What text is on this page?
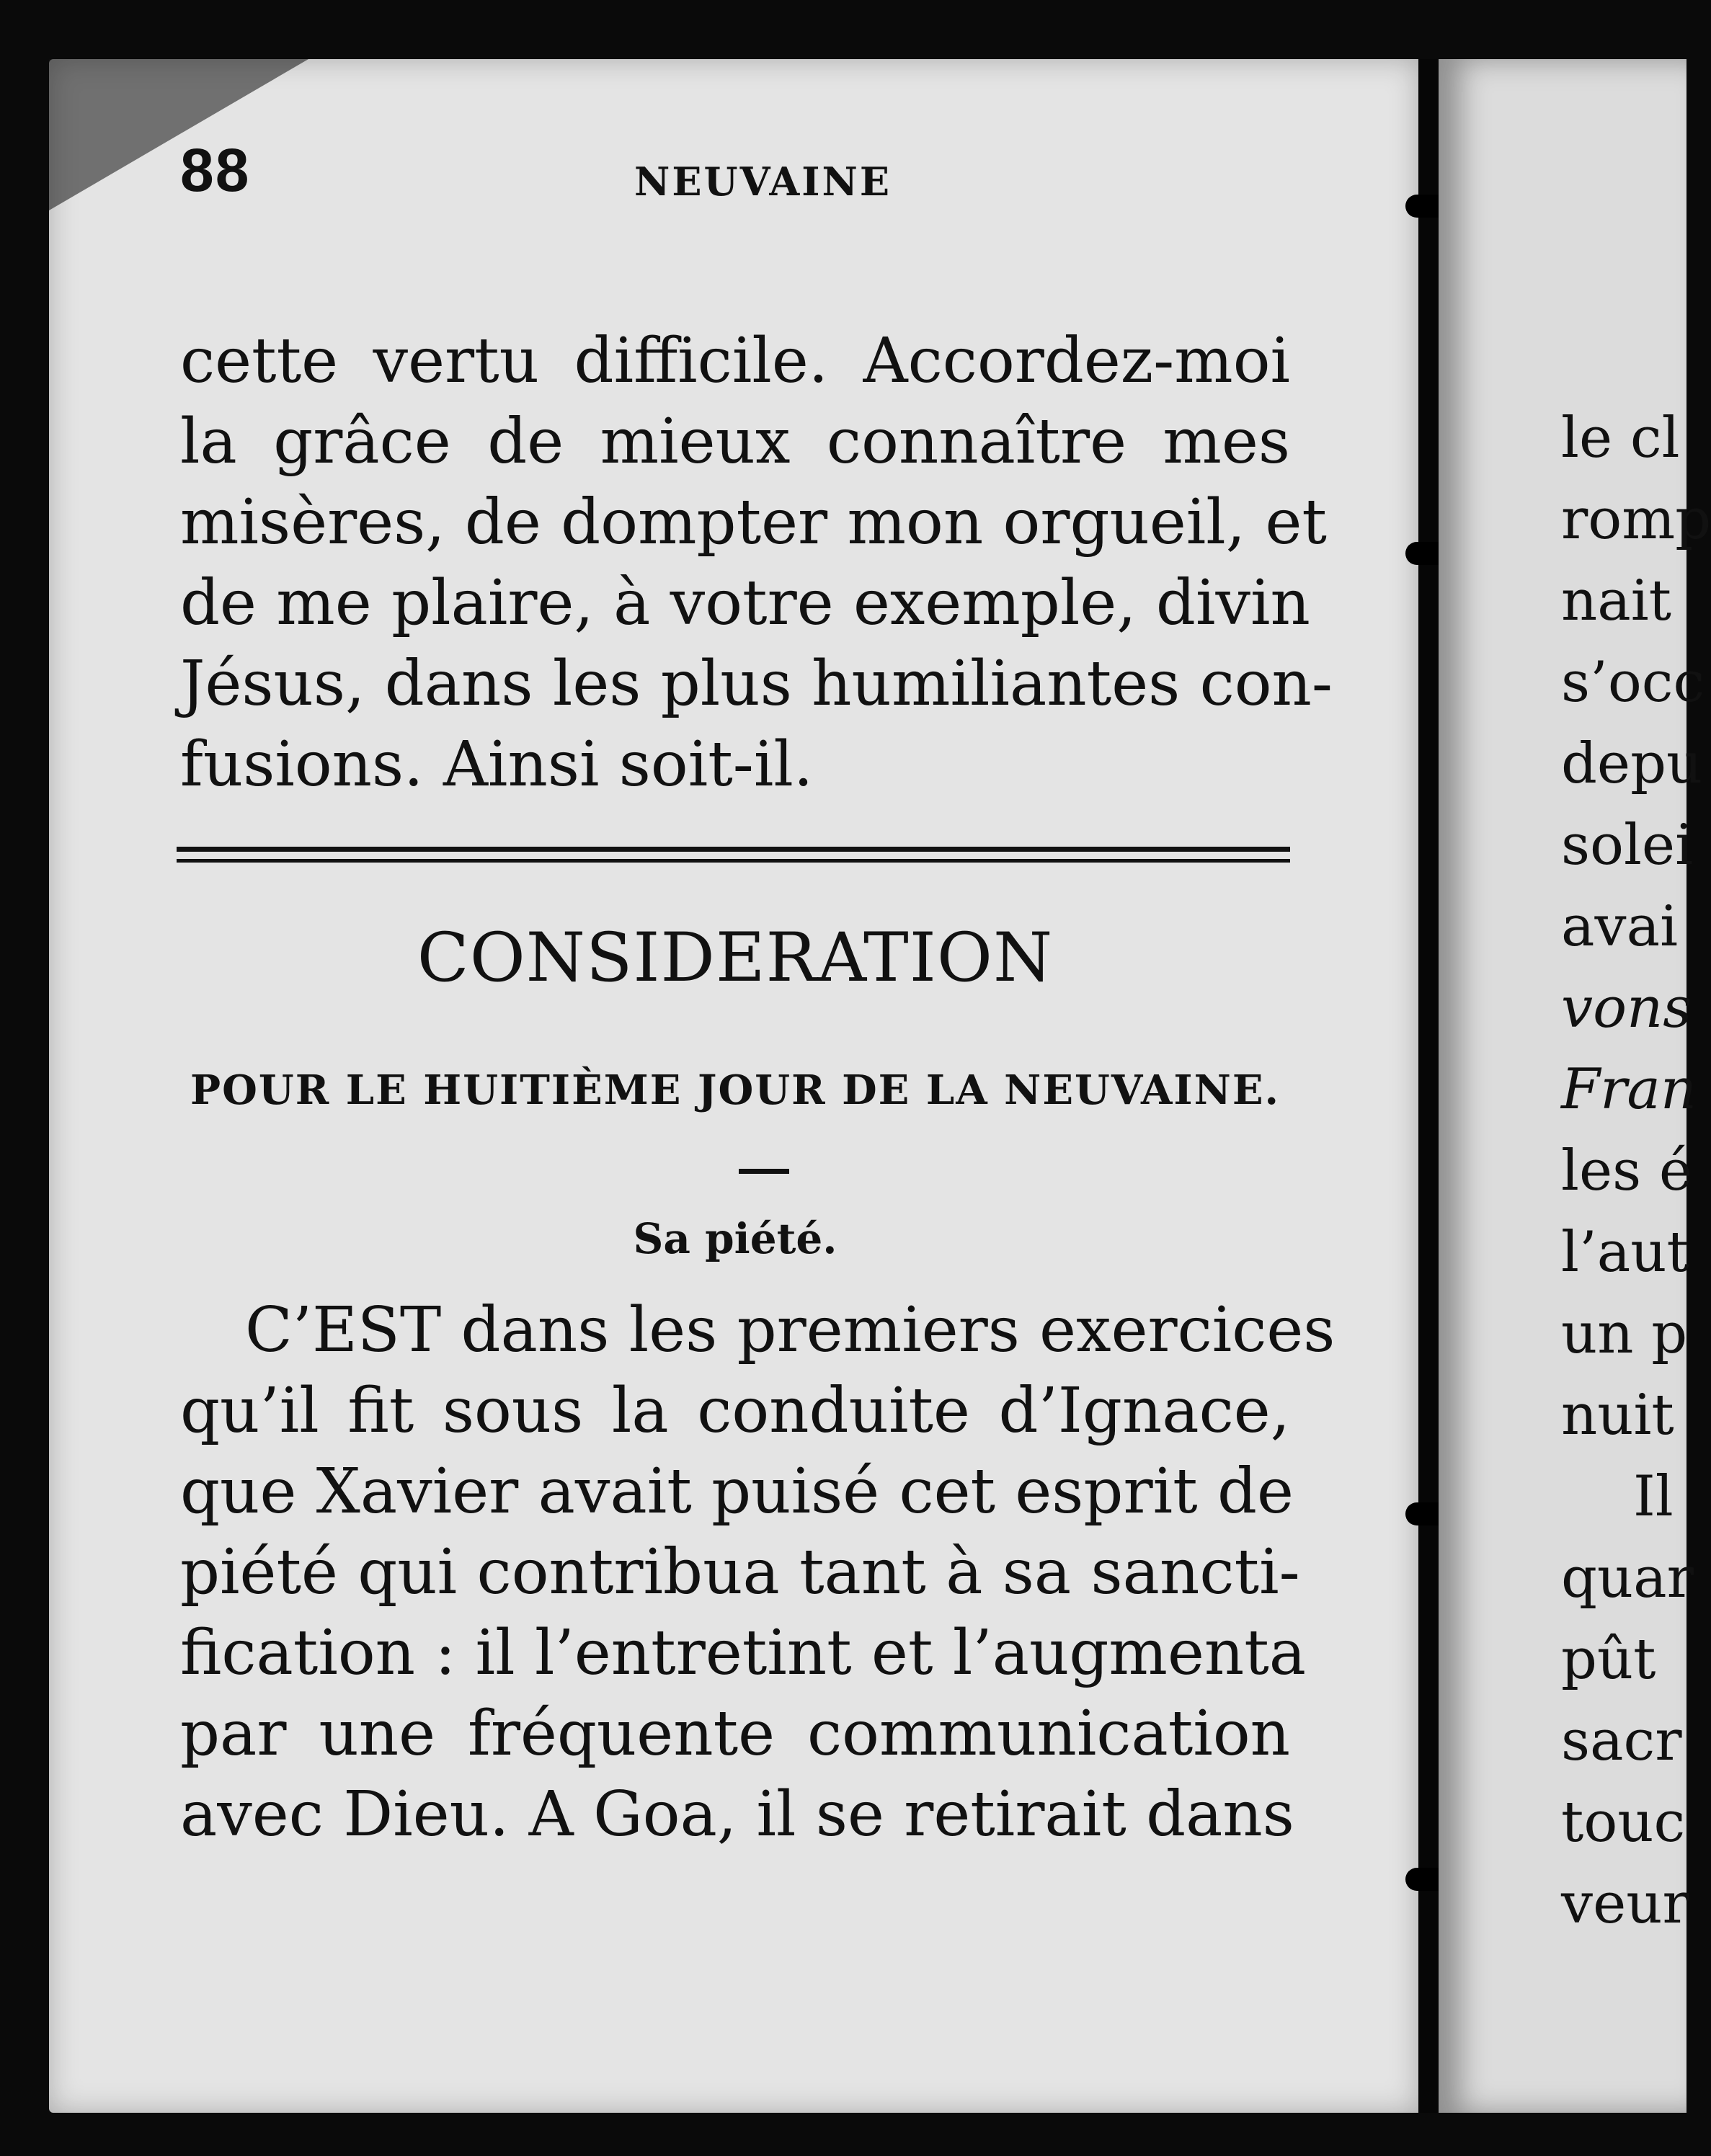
88	NEUVAINE
cette vertu difficile. Accordez-moi
la grâce de mieux connaître mes
misères, de dompter mon orgueil, et
de me plaire, à votre exemple, divin
Jésus, dans les plus humiliantes con-
fusions. Ainsi soit-il.
CONSIDERATION
POUR LE HUITIÈME JOUR DE LA NEUVAINE.
Sa piété.
C’EST dans les premiers exercices
qu’il fit sous la conduite d’Ignace,
que Xavier avait puisé cet esprit de
piété qui contribua tant à sa sancti-
fication : il l’entretint et l’augmenta
par une fréquente communication
avec Dieu. A Goa, il se retirait dans
le cl
romp
nait
s’occ
depu
solei
avai
vons
Fran
les é
l’aut
un p
nuit
Il
quar
pût
sacr
touc
veur
